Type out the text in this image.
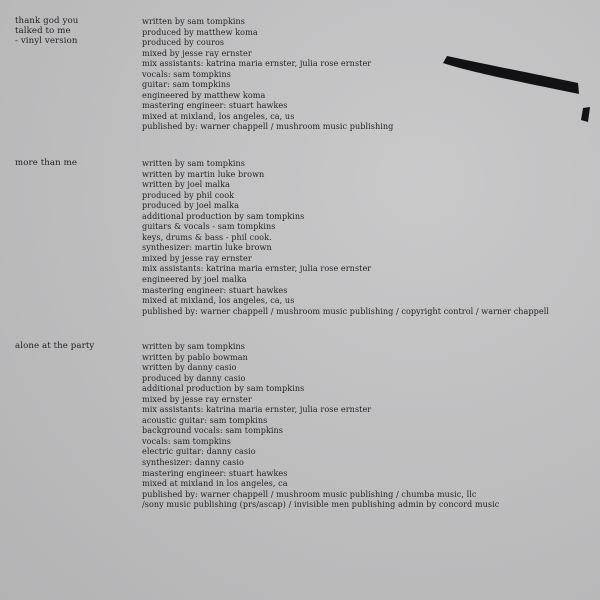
thank god you
talked to me
- vinyl version
written by sam tompkins
produced by matthew koma
produced by couros
mixed by jesse ray ernster
mix assistants: katrina maria ernster, julia rose ernster
vocals: sam tompkins
guitar: sam tompkins
engineered by matthew koma
mastering engineer: stuart hawkes
mixed at mixland, los angeles, ca, us
published by: warner chappell / mushroom music publishing
more than me	written by sam tompkins
written by martin luke brown
written by joel malka
produced by phil cook
produced by joel malka
additional production by sam tompkins
guitars & vocals - sam tompkins
keys, drums & bass - phil cook.
synthesizer: martin luke brown
mixed by jesse ray ernster
mix assistants: katrina maria ernster, julia rose ernster
engineered by joel malka
mastering engineer: stuart hawkes
mixed at mixland, los angeles, ca, us
published by: warner chappell / mushroom music publishing / copyright control / warner chappell
alone at the party	written by sam tompkins
written by pablo bowman
written by danny casio
produced by danny casio
additional production by sam tompkins
mixed by jesse ray ernster
mix assistants: katrina maria ernster, julia rose ernster
acoustic guitar: sam tompkins
background vocals: sam tompkins
vocals: sam tompkins
electric guitar: danny casio
synthesizer: danny casio
mastering engineer: stuart hawkes
mixed at mixland in los angeles, ca
published by: warner chappell / mushroom music publishing / chumba music, llc
/sony music publishing (prs/ascap) / invisible men publishing admin by concord music
